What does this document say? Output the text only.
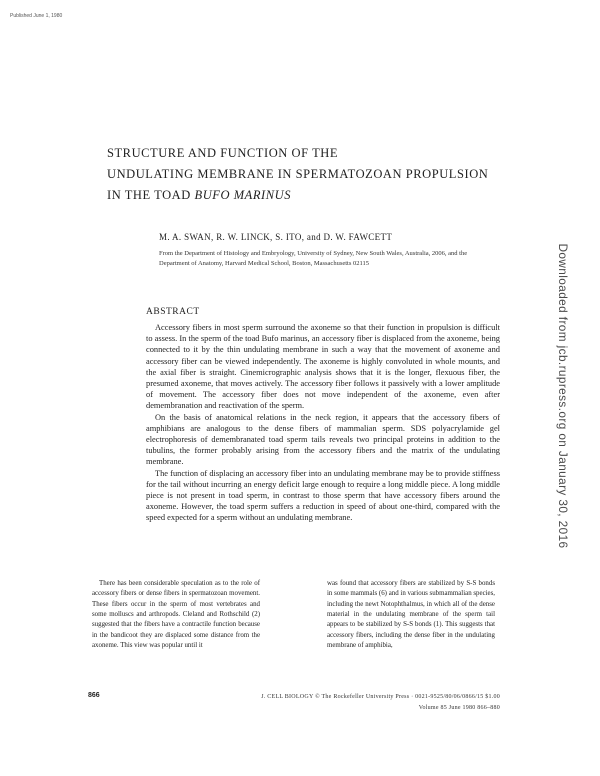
Published June 1, 1980
STRUCTURE AND FUNCTION OF THE
UNDULATING MEMBRANE IN SPERMATOZOAN PROPULSION
IN THE TOAD BUFO MARINUS
M. A. SWAN, R. W. LINCK, S. ITO, and D. W. FAWCETT
From the Department of Histology and Embryology, University of Sydney, New South Wales, Australia, 2006, and the Department of Anatomy, Harvard Medical School, Boston, Massachusetts 02115
ABSTRACT

Accessory fibers in most sperm surround the axoneme so that their function in propulsion is difficult to assess. In the sperm of the toad Bufo marinus, an accessory fiber is displaced from the axoneme, being connected to it by the thin undulating membrane in such a way that the movement of axoneme and accessory fiber can be viewed independently. The axoneme is highly convoluted in whole mounts, and the axial fiber is straight. Cinemicrographic analysis shows that it is the longer, flexuous fiber, the presumed axoneme, that moves actively. The accessory fiber follows it passively with a lower amplitude of movement. The accessory fiber does not move independent of the axoneme, even after demembranation and reactivation of the sperm.

On the basis of anatomical relations in the neck region, it appears that the accessory fibers of amphibians are analogous to the dense fibers of mammalian sperm. SDS polyacrylamide gel electrophoresis of demembranated toad sperm tails reveals two principal proteins in addition to the tubulins, the former probably arising from the accessory fibers and the matrix of the undulating membrane.

The function of displacing an accessory fiber into an undulating membrane may be to provide stiffness for the tail without incurring an energy deficit large enough to require a long middle piece. A long middle piece is not present in toad sperm, in contrast to those sperm that have accessory fibers around the axoneme. However, the toad sperm suffers a reduction in speed of about one-third, compared with the speed expected for a sperm without an undulating membrane.

There has been considerable speculation as to the role of accessory fibers or dense fibers in spermatozoan movement. These fibers occur in the sperm of most vertebrates and some molluscs and arthropods. Cleland and Rothschild (2) suggested that the fibers have a contractile function because in the bandicoot they are displaced some distance from the axoneme. This view was popular until it

was found that accessory fibers are stabilized by S-S bonds in some mammals (6) and in various submammalian species, including the newt Notophthalmus, in which all of the dense material in the undulating membrane of the sperm tail appears to be stabilized by S-S bonds (1). This suggests that accessory fibers, including the dense fiber in the undulating membrane of amphibia,

866	J. CELL BIOLOGY © The Rockefeller University Press · 0021-9525/80/06/0866/15 $1.00
Volume 85 June 1980 866–880
Downloaded from jcb.rupress.org on January 30, 2016
